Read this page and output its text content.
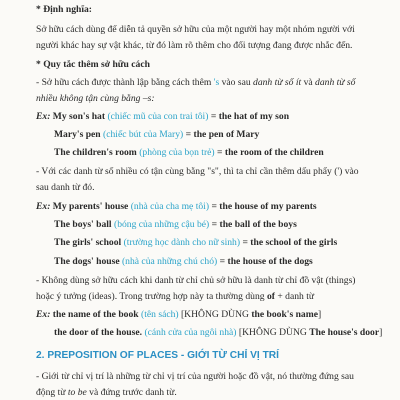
* Định nghĩa:
Sở hữu cách dùng để diễn tả quyền sở hữu của một người hay một nhóm người với
người khác hay sự vật khác, từ đó làm rõ thêm cho đối tượng đang được nhắc đến.
* Quy tắc thêm sở hữu cách
- Sở hữu cách được thành lập bằng cách thêm 's vào sau danh từ số ít và danh từ số
nhiều không tận cùng bằng –s:
Ex: My son's hat (chiếc mũ của con trai tôi) = the hat of my son
Mary's pen (chiếc bút của Mary) = the pen of Mary
The children's room (phòng của bọn trẻ) = the room of the children
- Với các danh từ số nhiều có tận cùng bằng "s", thì ta chỉ cần thêm dấu phẩy (') vào
sau danh từ đó.
Ex: My parents' house (nhà của cha mẹ tôi) = the house of my parents
The boys' ball (bóng của những cậu bé) = the ball of the boys
The girls' school (trường học dành cho nữ sinh) = the school of the girls
The dogs' house (nhà của những chú chó) = the house of the dogs
- Không dùng sở hữu cách khi danh từ chỉ chủ sở hữu là danh từ chỉ đồ vật (things)
hoặc ý tưởng (ideas). Trong trường hợp này ta thường dùng of + danh từ
Ex: the name of the book (tên sách) [KHÔNG DÙNG the book's name]
the door of the house. (cánh cửa của ngôi nhà) [KHÔNG DÙNG The house's door]
2. PREPOSITION OF PLACES - GIỚI TỪ CHỈ VỊ TRÍ
- Giới từ chỉ vị trí là những từ chỉ vị trí của người hoặc đồ vật, nó thường đứng sau
động từ to be và đứng trước danh từ.
